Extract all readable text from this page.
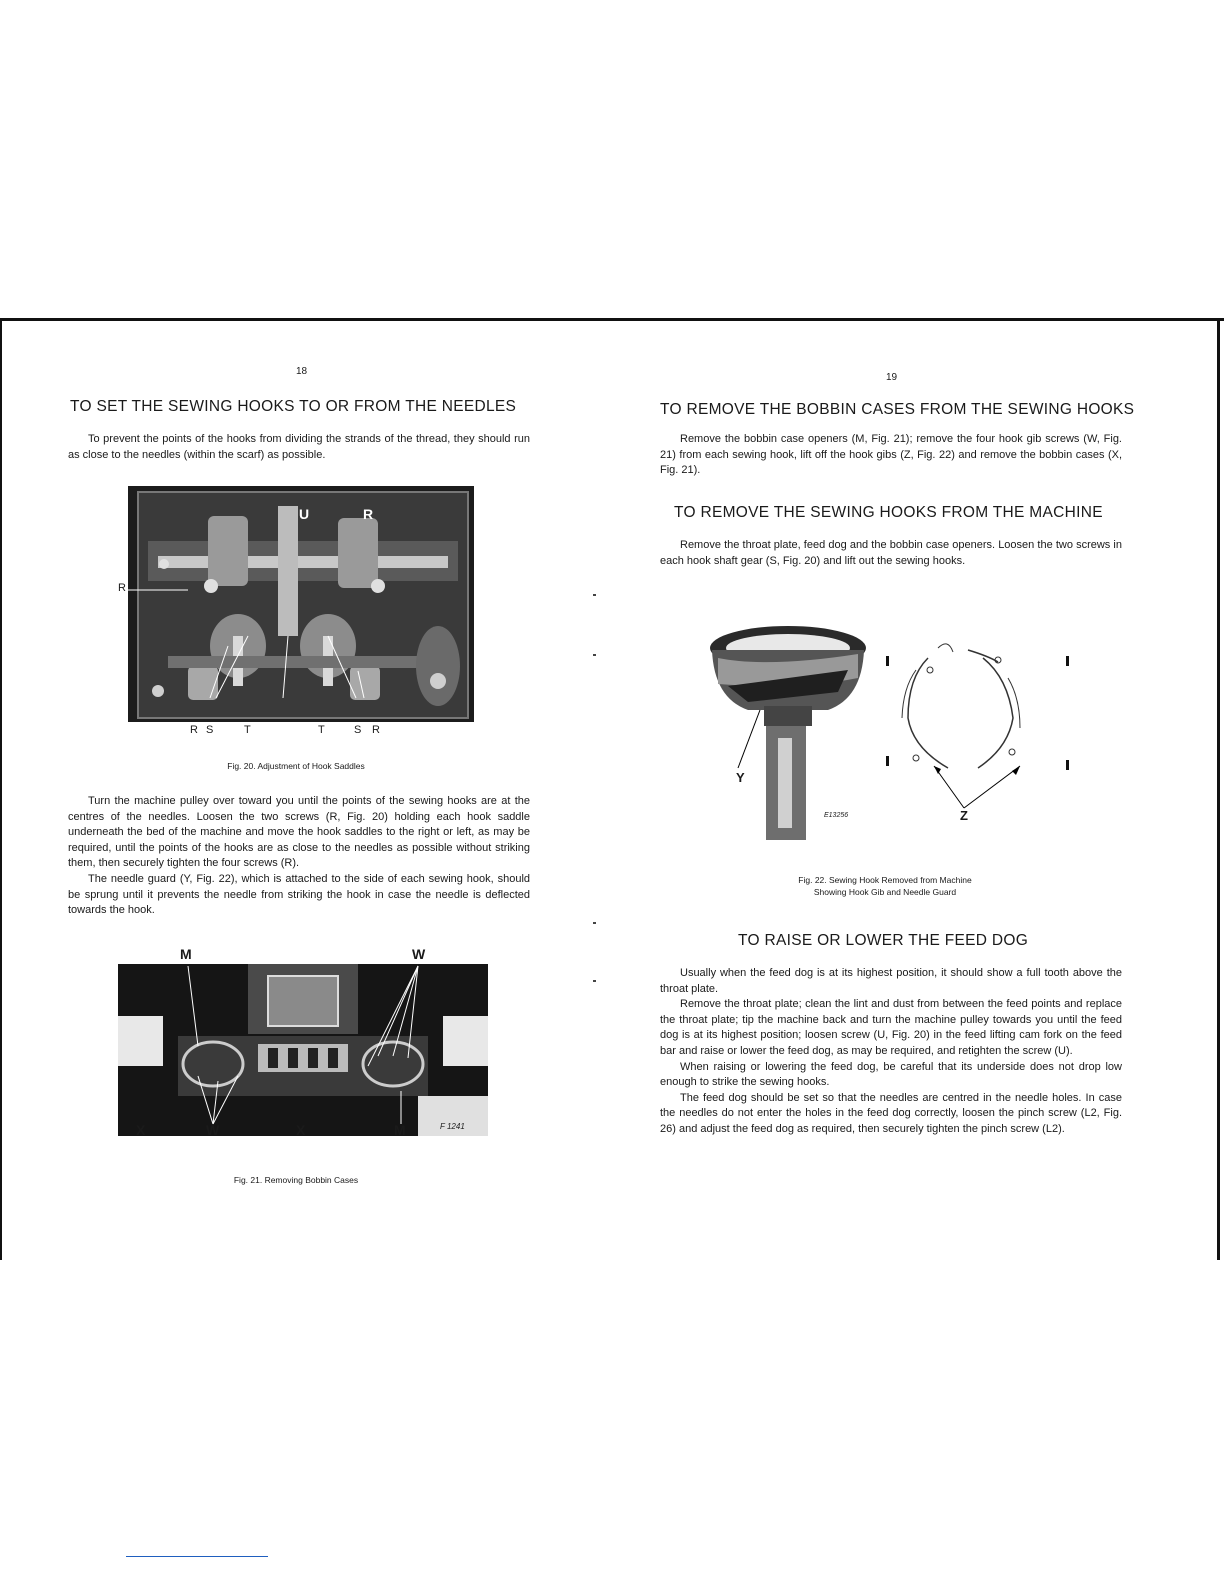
18
TO SET THE SEWING HOOKS TO OR FROM THE NEEDLES

To prevent the points of the hooks from dividing the strands of the thread, they should run as close to the needles (within the scarf) as possible.

U	R
R
R S	T	T	S R
Fig. 20. Adjustment of Hook Saddles

Turn the machine pulley over toward you until the points of the sewing hooks are at the centres of the needles. Loosen the two screws (R, Fig. 20) holding each hook saddle underneath the bed of the machine and move the hook saddles to the right or left, as may be required, until the points of the hooks are as close to the needles as possible without striking them, then securely tighten the four screws (R).

The needle guard (Y, Fig. 22), which is attached to the side of each sewing hook, should be sprung until it prevents the needle from striking the hook in case the needle is deflected towards the hook.

M	W
X	W	X	M	F 1241
Fig. 21. Removing Bobbin Cases
19
TO REMOVE THE BOBBIN CASES FROM THE SEWING HOOKS

Remove the bobbin case openers (M, Fig. 21); remove the four hook gib screws (W, Fig. 21) from each sewing hook, lift off the hook gibs (Z, Fig. 22) and remove the bobbin cases (X, Fig. 21).

TO REMOVE THE SEWING HOOKS FROM THE MACHINE

Remove the throat plate, feed dog and the bobbin case openers. Loosen the two screws in each hook shaft gear (S, Fig. 20) and lift out the sewing hooks.

Y
Z
E13256
Fig. 22. Sewing Hook Removed from Machine
Showing Hook Gib and Needle Guard
TO RAISE OR LOWER THE FEED DOG

Usually when the feed dog is at its highest position, it should show a full tooth above the throat plate.

Remove the throat plate; clean the lint and dust from between the feed points and replace the throat plate; tip the machine back and turn the machine pulley towards you until the feed dog is at its highest position; loosen screw (U, Fig. 20) in the feed lifting cam fork on the feed bar and raise or lower the feed dog, as may be required, and retighten the screw (U).

When raising or lowering the feed dog, be careful that its underside does not drop low enough to strike the sewing hooks.

The feed dog should be set so that the needles are centred in the needle holes. In case the needles do not enter the holes in the feed dog correctly, loosen the pinch screw (L2, Fig. 26) and adjust the feed dog as required, then securely tighten the pinch screw (L2).
